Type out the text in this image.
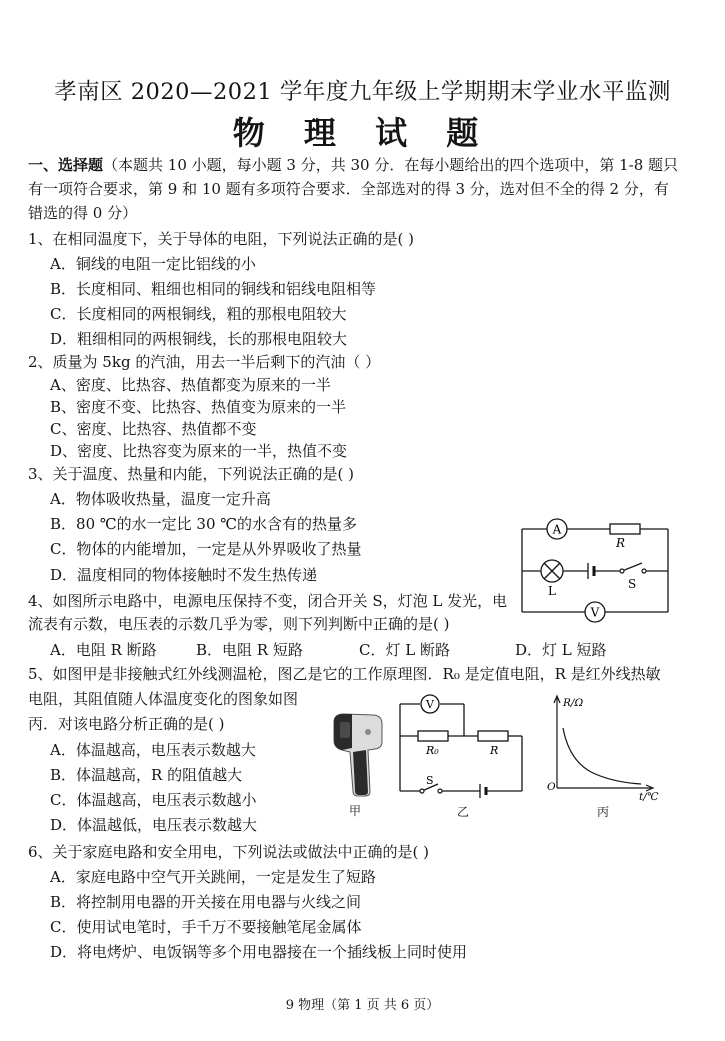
孝南区 2020—2021 学年度九年级上学期期末学业水平监测
物 理 试 题
一、选择题（本题共 10 小题，每小题 3 分，共 30 分．在每小题给出的四个选项中，第 1-8 题只
有一项符合要求，第 9 和 10 题有多项符合要求．全部选对的得 3 分，选对但不全的得 2 分，有
错选的得 0 分）
1、在相同温度下，关于导体的电阻，下列说法正确的是( )
A．铜线的电阻一定比铝线的小
B．长度相同、粗细也相同的铜线和铝线电阻相等
C．长度相同的两根铜线，粗的那根电阻较大
D．粗细相同的两根铜线，长的那根电阻较大
2、质量为 5kg 的汽油，用去一半后剩下的汽油（ ）
A、密度、比热容、热值都变为原来的一半
B、密度不变、比热容、热值变为原来的一半
C、密度、比热容、热值都不变
D、密度、比热容变为原来的一半，热值不变
3、关于温度、热量和内能，下列说法正确的是( )
A．物体吸收热量，温度一定升高
B．80 ℃的水一定比 30 ℃的水含有的热量多
C．物体的内能增加，一定是从外界吸收了热量
D．温度相同的物体接触时不发生热传递
A
R
L	S
V
4、如图所示电路中，电源电压保持不变，闭合开关 S，灯泡 L 发光，电
流表有示数，电压表的示数几乎为零，则下列判断中正确的是( )
A．电阻 R 断路	B．电阻 R 短路	C．灯 L 断路	D．灯 L 短路
5、如图甲是非接触式红外线测温枪，图乙是它的工作原理图．R₀ 是定值电阻，R 是红外线热敏
电阻，其阻值随人体温度变化的图象如图
丙．对该电路分析正确的是( )
A．体温越高，电压表示数越大
B．体温越高，R 的阻值越大
C．体温越高，电压表示数越小
D．体温越低，电压表示数越大
甲
V
R₀	R
S
乙
R/Ω
t/℃
O
丙
6、关于家庭电路和安全用电，下列说法或做法中正确的是( )
A．家庭电路中空气开关跳闸，一定是发生了短路
B．将控制用电器的开关接在用电器与火线之间
C．使用试电笔时，手千万不要接触笔尾金属体
D．将电烤炉、电饭锅等多个用电器接在一个插线板上同时使用
9 物理（第 1 页 共 6 页）
